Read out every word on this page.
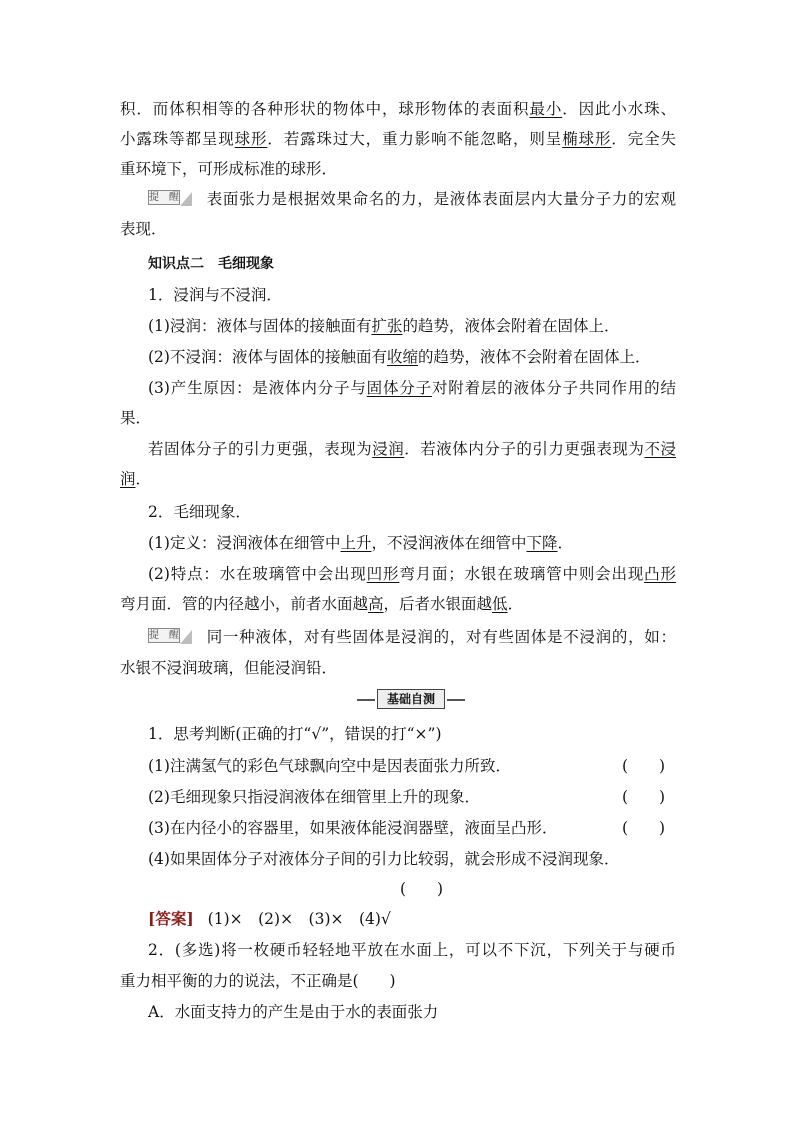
积．而体积相等的各种形状的物体中，球形物体的表面积最小．因此小水珠、
小露珠等都呈现球形．若露珠过大，重力影响不能忽略，则呈椭球形．完全失
重环境下，可形成标准的球形．
提醒 表面张力是根据效果命名的力，是液体表面层内大量分子力的宏观
表现．
知识点二　毛细现象
1．浸润与不浸润．
(1)浸润：液体与固体的接触面有扩张的趋势，液体会附着在固体上．
(2)不浸润：液体与固体的接触面有收缩的趋势，液体不会附着在固体上．
(3)产生原因：是液体内分子与固体分子对附着层的液体分子共同作用的结
果．
若固体分子的引力更强，表现为浸润．若液体内分子的引力更强表现为不浸
润．
2．毛细现象．
(1)定义：浸润液体在细管中上升，不浸润液体在细管中下降．
(2)特点：水在玻璃管中会出现凹形弯月面；水银在玻璃管中则会出现凸形
弯月面．管的内径越小，前者水面越高，后者水银面越低．
提醒 同一种液体，对有些固体是浸润的，对有些固体是不浸润的，如：
水银不浸润玻璃，但能浸润铅．
基础自测
1．思考判断(正确的打“√”，错误的打“×”)
(1)注满氢气的彩色气球飘向空中是因表面张力所致．	(　　)
(2)毛细现象只指浸润液体在细管里上升的现象．	(　　)
(3)在内径小的容器里，如果液体能浸润器壁，液面呈凸形．	(　　)
(4)如果固体分子对液体分子间的引力比较弱，就会形成不浸润现象．
(　　)
[答案] (1)×　(2)×　(3)×　(4)√
2．(多选)将一枚硬币轻轻地平放在水面上，可以不下沉，下列关于与硬币
重力相平衡的力的说法，不正确是(　　)
A．水面支持力的产生是由于水的表面张力
